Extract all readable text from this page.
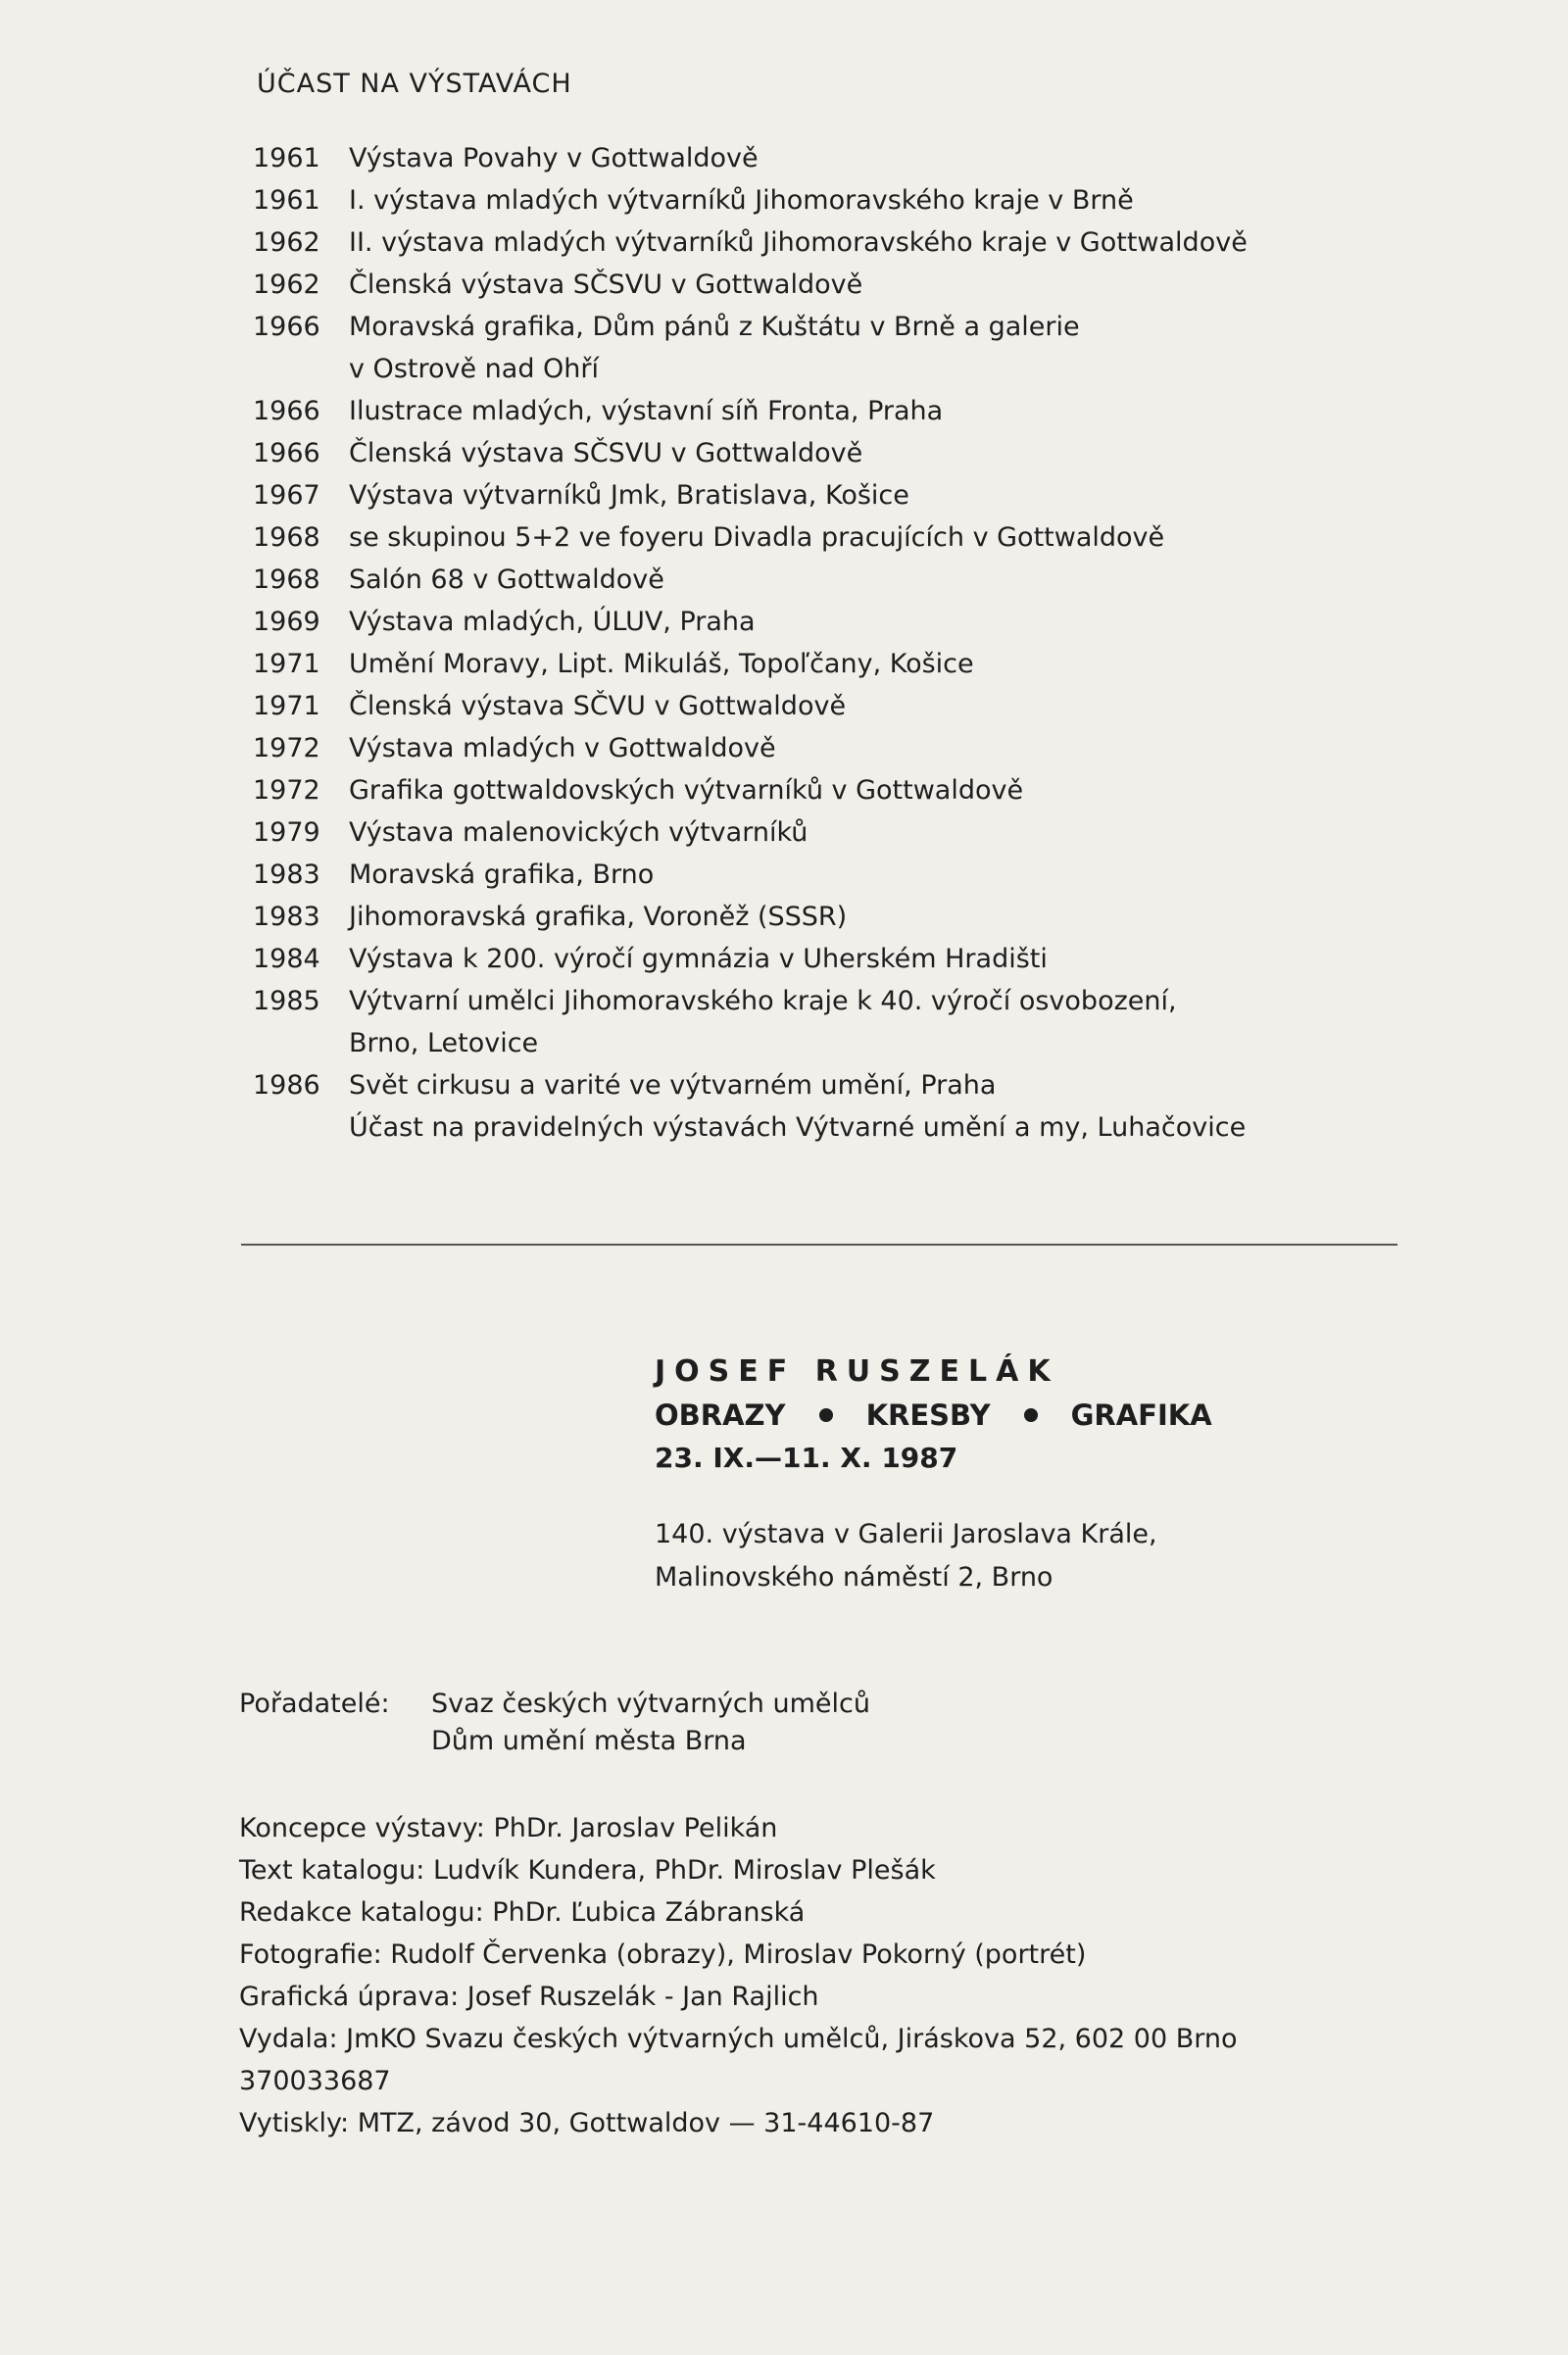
ÚČAST NA VÝSTAVÁCH
1961	Výstava Povahy v Gottwaldově
1961	I. výstava mladých výtvarníků Jihomoravského kraje v Brně
1962	II. výstava mladých výtvarníků Jihomoravského kraje v Gottwaldově
1962	Členská výstava SČSVU v Gottwaldově
1966	Moravská grafika, Dům pánů z Kuštátu v Brně a galerie
v Ostrově nad Ohří
1966	Ilustrace mladých, výstavní síň Fronta, Praha
1966	Členská výstava SČSVU v Gottwaldově
1967	Výstava výtvarníků Jmk, Bratislava, Košice
1968	se skupinou 5+2 ve foyeru Divadla pracujících v Gottwaldově
1968	Salón 68 v Gottwaldově
1969	Výstava mladých, ÚLUV, Praha
1971	Umění Moravy, Lipt. Mikuláš, Topoľčany, Košice
1971	Členská výstava SČVU v Gottwaldově
1972	Výstava mladých v Gottwaldově
1972	Grafika gottwaldovských výtvarníků v Gottwaldově
1979	Výstava malenovických výtvarníků
1983	Moravská grafika, Brno
1983	Jihomoravská grafika, Voroněž (SSSR)
1984	Výstava k 200. výročí gymnázia v Uherském Hradišti
1985	Výtvarní umělci Jihomoravského kraje k 40. výročí osvobození,
Brno, Letovice
1986	Svět cirkusu a varité ve výtvarném umění, Praha
Účast na pravidelných výstavách Výtvarné umění a my, Luhačovice
JOSEF RUSZELÁK
OBRAZY	KRESBY	GRAFIKA
23. IX.—11. X. 1987
140. výstava v Galerii Jaroslava Krále,
Malinovského náměstí 2, Brno
Pořadatelé:	Svaz českých výtvarných umělců
Dům umění města Brna
Koncepce výstavy: PhDr. Jaroslav Pelikán
Text katalogu: Ludvík Kundera, PhDr. Miroslav Plešák
Redakce katalogu: PhDr. Ľubica Zábranská
Fotografie: Rudolf Červenka (obrazy), Miroslav Pokorný (portrét)
Grafická úprava: Josef Ruszelák - Jan Rajlich
Vydala: JmKO Svazu českých výtvarných umělců, Jiráskova 52, 602 00 Brno
370033687
Vytiskly: MTZ, závod 30, Gottwaldov — 31-44610-87
